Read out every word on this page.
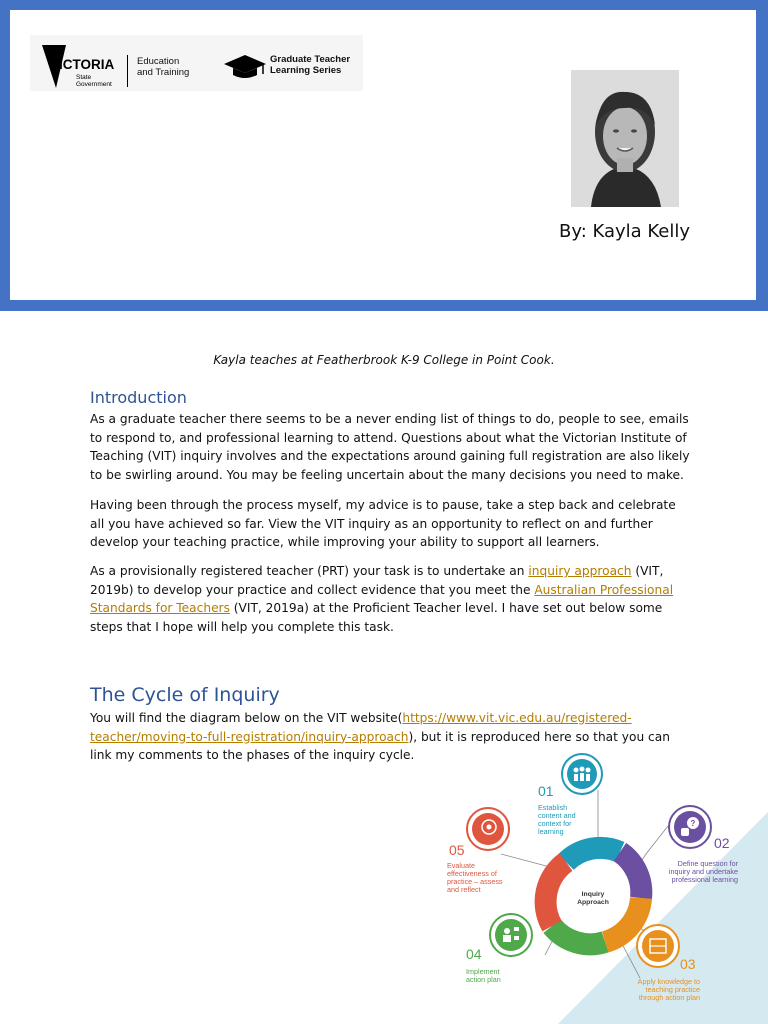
VICTORIA
State
Government
Education
and Training
Graduate Teacher
Learning Series
By: Kayla Kelly
Kayla teaches at Featherbrook K-9 College in Point Cook.
Introduction
As a graduate teacher there seems to be a never ending list of things to do, people to see, emails to respond to, and professional learning to attend. Questions about what the Victorian Institute of Teaching (VIT) inquiry involves and the expectations around gaining full registration are also likely to be swirling around. You may be feeling uncertain about the many decisions you need to make.
Having been through the process myself, my advice is to pause, take a step back and celebrate all you have achieved so far. View the VIT inquiry as an opportunity to reflect on and further develop your teaching practice, while improving your ability to support all learners.
As a provisionally registered teacher (PRT) your task is to undertake an inquiry approach (VIT, 2019b) to develop your practice and collect evidence that you meet the Australian Professional Standards for Teachers (VIT, 2019a) at the Proficient Teacher level. I have set out below some steps that I hope will help you complete this task.
The Cycle of Inquiry
You will find the diagram below on the VIT website(https://www.vit.vic.edu.au/registered-teacher/moving-to-full-registration/inquiry-approach), but it is reproduced here so that you can link my comments to the phases of the inquiry cycle.
Inquiry
Approach
?
01
Establish content and context for learning
02
Define question for inquiry and undertake professional learning
03
Apply knowledge to teaching practice through action plan
04
Implement action plan
05
Evaluate effectiveness of practice – assess and reflect
